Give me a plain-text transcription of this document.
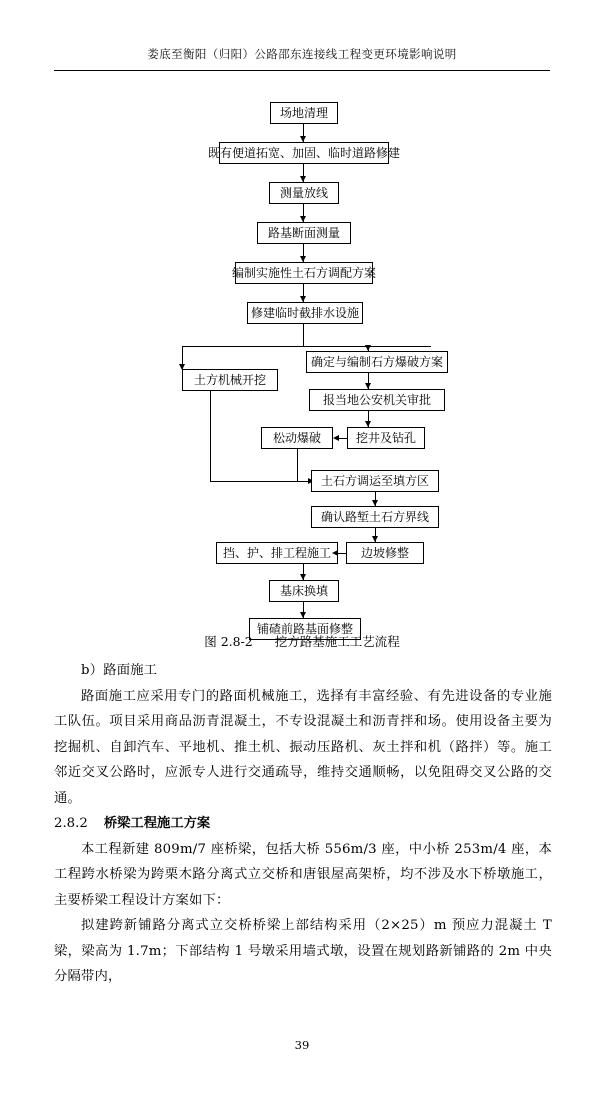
娄底至衡阳（归阳）公路邵东连接线工程变更环境影响说明
场地清理
既有便道拓宽、加固、临时道路修建
测量放线
路基断面测量
编制实施性土石方调配方案
修建临时截排水设施
确定与编制石方爆破方案
土方机械开挖
报当地公安机关审批
挖井及钻孔
松动爆破
土石方调运至填方区
确认路堑土石方界线
边坡修整
挡、护、排工程施工
基床换填
铺碴前路基面修整
图 2.8-2 挖方路基施工工艺流程

b）路面施工

路面施工应采用专门的路面机械施工，选择有丰富经验、有先进设备的专业施工队伍。项目采用商品沥青混凝土，不专设混凝土和沥青拌和场。使用设备主要为挖掘机、自卸汽车、平地机、推土机、振动压路机、灰土拌和机（路拌）等。施工邻近交叉公路时，应派专人进行交通疏导，维持交通顺畅，以免阻碍交叉公路的交通。

2.8.2 桥梁工程施工方案

本工程新建 809m/7 座桥梁，包括大桥 556m/3 座，中小桥 253m/4 座，本工程跨水桥梁为跨栗木路分离式立交桥和唐银屋高架桥，均不涉及水下桥墩施工，主要桥梁工程设计方案如下：

拟建跨新铺路分离式立交桥桥梁上部结构采用（2×25）m 预应力混凝土 T 梁，梁高为 1.7m；下部结构 1 号墩采用墙式墩，设置在规划路新铺路的 2m 中央分隔带内，

39
